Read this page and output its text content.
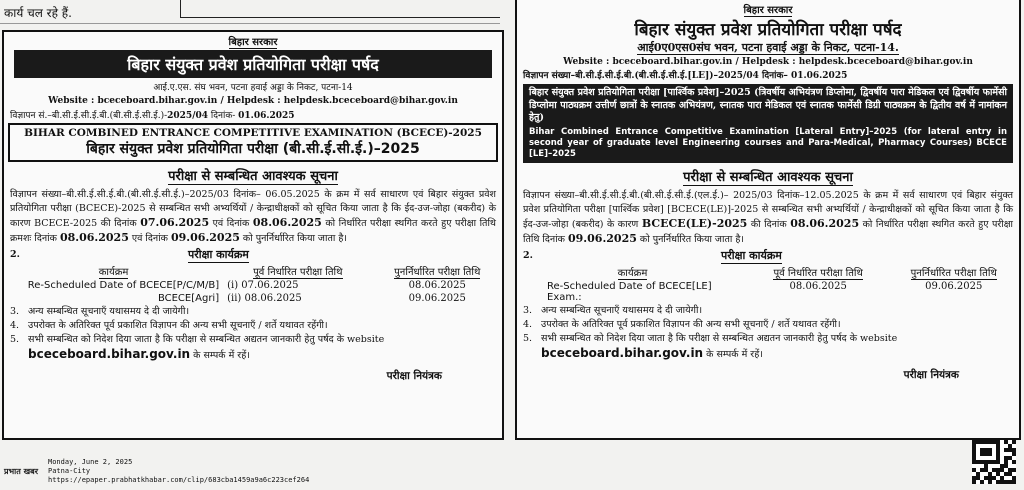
कार्य चल रहे हैं.
बिहार सरकार
बिहार संयुक्त प्रवेश प्रतियोगिता परीक्षा पर्षद
आई.ए.एस. संघ भवन, पटना हवाई अड्डा के निकट, पटना-14
Website : bceceboard.bihar.gov.in / Helpdesk : helpdesk.bceceboard@bihar.gov.in
विज्ञापन सं.–बी.सी.ई.सी.ई.बी.(बी.सी.ई.सी.ई.)-2025/04 दिनांक- 01.06.2025
BIHAR COMBINED ENTRANCE COMPETITIVE EXAMINATION (BCECE)-2025
बिहार संयुक्त प्रवेश प्रतियोगिता परीक्षा (बी.सी.ई.सी.ई.)–2025
परीक्षा से सम्बन्धित आवश्यक सूचना
विज्ञापन संख्या–बी.सी.ई.सी.ई.बी.(बी.सी.ई.सी.ई.)–2025/03 दिनांक– 06.05.2025 के क्रम में सर्व साधारण एवं बिहार संयुक्त प्रवेश प्रतियोगिता परीक्षा (BCECE)-2025 से सम्बन्धित सभी अभ्यर्थियों / केन्द्राधीक्षकों को सूचित किया जाता है कि ईद-उज-जोहा (बकरीद) के कारण BCECE-2025 की दिनांक 07.06.2025 एवं दिनांक 08.06.2025 को निर्धारित परीक्षा स्थगित करते हुए परीक्षा तिथि क्रमशः दिनांक 08.06.2025 एवं दिनांक 09.06.2025 को पुनर्निर्धारित किया जाता है।
2.	परीक्षा कार्यक्रम
कार्यक्रम	पूर्व निर्धारित परीक्षा तिथि	पुनर्निर्धारित परीक्षा तिथि
Re-Scheduled Date of BCECE[P/C/M/B]	(i) 07.06.2025	08.06.2025
BCECE[Agri]	(ii) 08.06.2025	09.06.2025
3. अन्य सम्बन्धित सूचनाएँ यथासमय दे दी जायेगी।
4. उपरोक्त के अतिरिक्त पूर्व प्रकाशित विज्ञापन की अन्य सभी सूचनाएँ / शर्ते यथावत रहेंगी।
5. सभी सम्बन्धित को निदेश दिया जाता है कि परीक्षा से सम्बन्धित अद्यतन जानकारी हेतु पर्षद के website
bceceboard.bihar.gov.in के सम्पर्क में रहें।
परीक्षा नियंत्रक
बिहार सरकार
बिहार संयुक्त प्रवेश प्रतियोगिता परीक्षा पर्षद
आई0ए0एस0संघ भवन, पटना हवाई अड्डा के निकट, पटना-14.
Website : bceceboard.bihar.gov.in / Helpdesk : helpdesk.bceceboard@bihar.gov.in
विज्ञापन संख्या–बी.सी.ई.सी.ई.बी.(बी.सी.ई.सी.ई.[LE])–2025/04 दिनांक– 01.06.2025
बिहार संयुक्त प्रवेश प्रतियोगिता परीक्षा [पार्श्विक प्रवेश]–2025 (त्रिवर्षीय अभियंत्रण डिप्लोमा, द्विवर्षीय पारा मेडिकल एवं द्विवर्षीय फार्मेसी डिप्लोमा पाठ्यक्रम उत्तीर्ण छात्रों के स्नातक अभियंत्रण, स्नातक पारा मेडिकल एवं स्नातक फार्मेसी डिग्री पाठ्यक्रम के द्वितीय वर्ष में नामांकन हेतु)
Bihar Combined Entrance Competitive Examination [Lateral Entry]–2025 (for lateral entry in second year of graduate level Engineering courses and Para-Medical, Pharmacy Courses) BCECE [LE]–2025
परीक्षा से सम्बन्धित आवश्यक सूचना
विज्ञापन संख्या–बी.सी.ई.सी.ई.बी.(बी.सी.ई.सी.ई.(एल.ई.)– 2025/03 दिनांक–12.05.2025 के क्रम में सर्व साधारण एवं बिहार संयुक्त प्रवेश प्रतियोगिता परीक्षा [पार्श्विक प्रवेश] [BCECE(LE)]-2025 से सम्बन्धित सभी अभ्यर्थियों / केन्द्राधीक्षकों को सूचित किया जाता है कि ईद-उज-जोहा (बकरीद) के कारण BCECE(LE)-2025 की दिनांक 08.06.2025 को निर्धारित परीक्षा स्थगित करते हुए परीक्षा तिथि दिनांक 09.06.2025 को पुनर्निर्धारित किया जाता है।
2.	परीक्षा कार्यक्रम
कार्यक्रम	पूर्व निर्धारित परीक्षा तिथि	पुनर्निर्धारित परीक्षा तिथि
Re-Scheduled Date of BCECE[LE] Exam.:	08.06.2025	09.06.2025
3. अन्य सम्बन्धित सूचनाएँ यथासमय दे दी जायेगी।
4. उपरोक्त के अतिरिक्त पूर्व प्रकाशित विज्ञापन की अन्य सभी सूचनाएँ / शर्ते यथावत रहेंगी।
5. सभी सम्बन्धित को निदेश दिया जाता है कि परीक्षा से सम्बन्धित अद्यतन जानकारी हेतु पर्षद के website
bceceboard.bihar.gov.in के सम्पर्क में रहें।
परीक्षा नियंत्रक
प्रभात खबर
Monday, June 2, 2025
Patna-City
https://epaper.prabhatkhabar.com/clip/683cba1459a9a6c223cef264
